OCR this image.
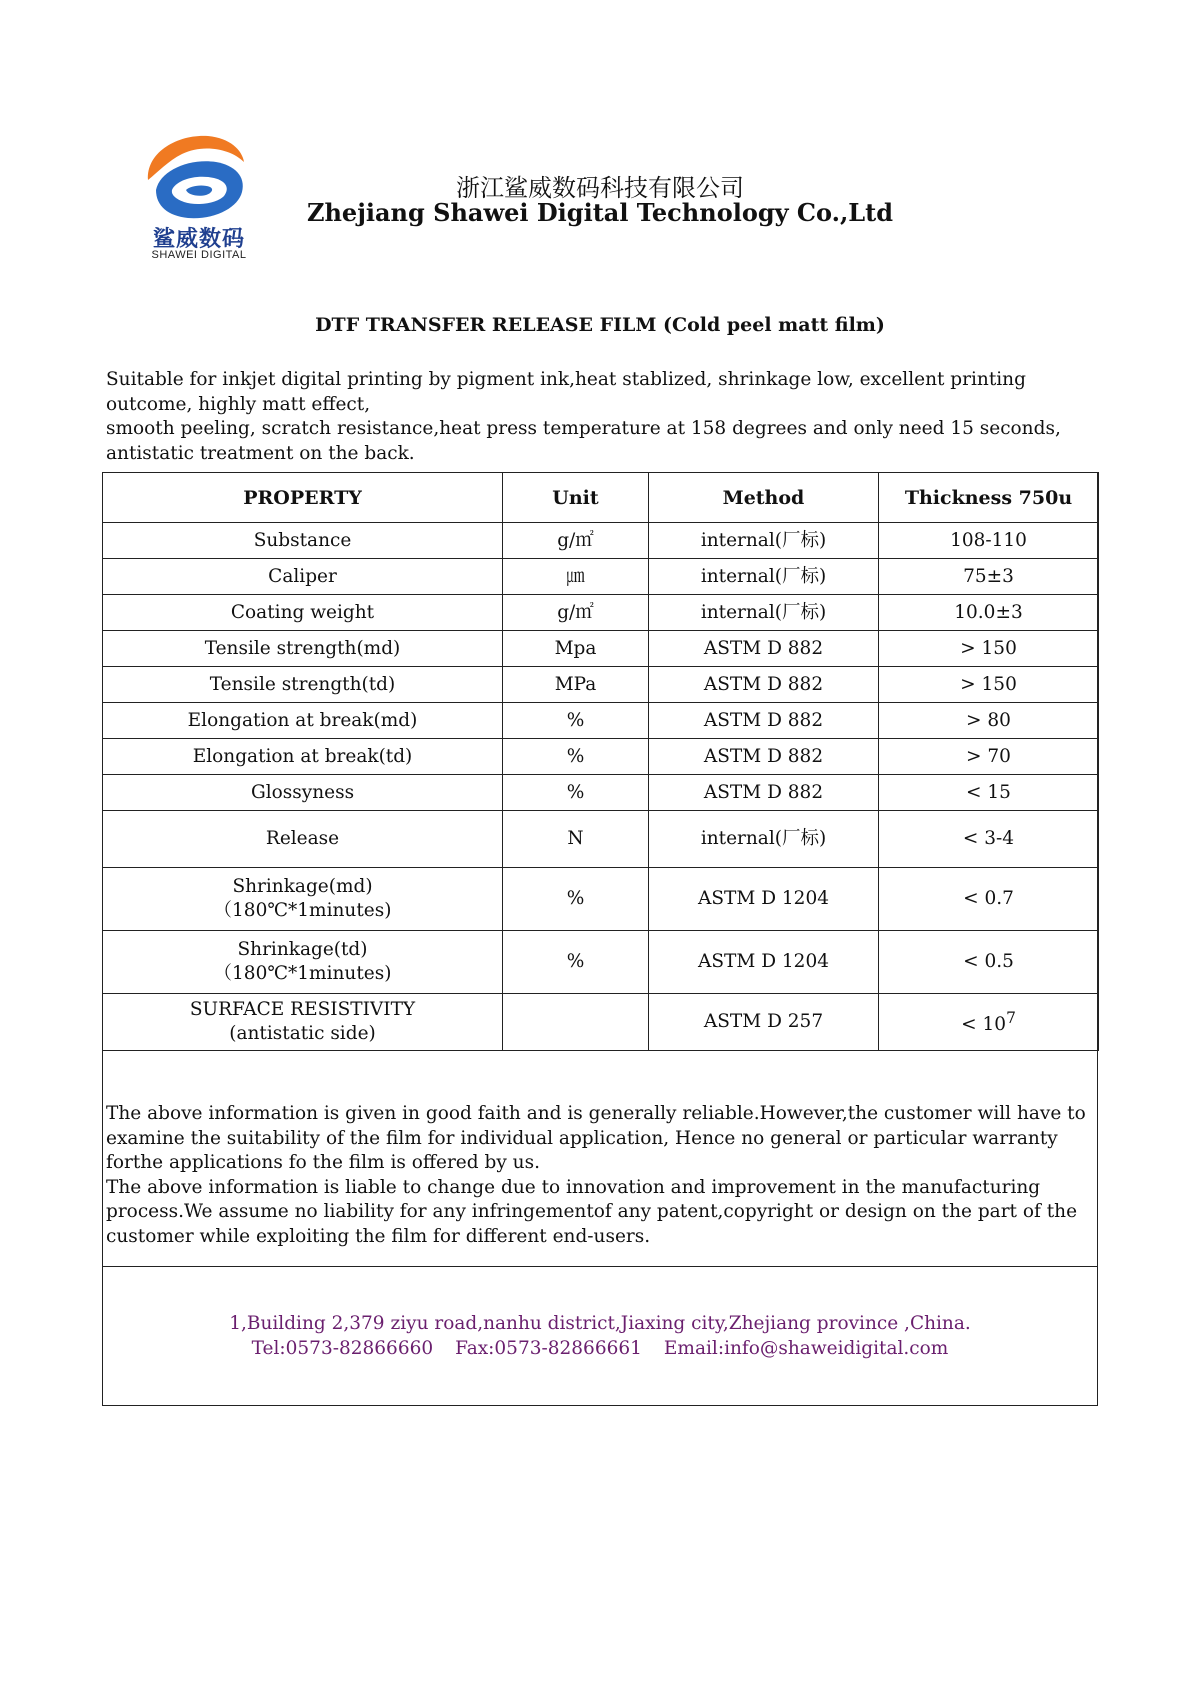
鲨威数码
SHAWEI DIGITAL
浙江鲨威数码科技有限公司
Zhejiang Shawei Digital Technology Co.,Ltd
DTF TRANSFER RELEASE FILM (Cold peel matt film)

Suitable for inkjet digital printing by pigment ink,heat stablized, shrinkage low, excellent printing outcome, highly matt effect,

smooth peeling, scratch resistance,heat press temperature at 158 degrees and only need 15 seconds, antistatic treatment on the back.

PROPERTY	Unit	Method	Thickness 750u
Substance	g/㎡	internal(厂标)	108-110
Caliper	㎛	internal(厂标)	75±3
Coating weight	g/㎡	internal(厂标)	10.0±3
Tensile strength(md)	Mpa	ASTM D 882	> 150
Tensile strength(td)	MPa	ASTM D 882	> 150
Elongation at break(md)	%	ASTM D 882	> 80
Elongation at break(td)	%	ASTM D 882	> 70
Glossyness	%	ASTM D 882	< 15
Release	N	internal(厂标)	< 3-4

Shrinkage(md)
（180℃*1minutes)	%	ASTM D 1204	< 0.7

Shrinkage(td)
（180℃*1minutes)	%	ASTM D 1204	< 0.5

SURFACE RESISTIVITY
(antistatic side)		ASTM D 257	< $10^7$

The above information is given in good faith and is generally reliable.However,the customer will have to examine the suitability of the film for individual application, Hence no general or particular warranty forthe applications fo the film is offered by us.

The above information is liable to change due to innovation and improvement in the manufacturing process.We assume no liability for any infringementof any patent,copyright or design on the part of the customer while exploiting the film for different end-users.

1,Building 2,379 ziyu road,nanhu district,Jiaxing city,Zhejiang province ,China.
Tel:0573-82866660 Fax:0573-82866661 Email:info@shaweidigital.com
